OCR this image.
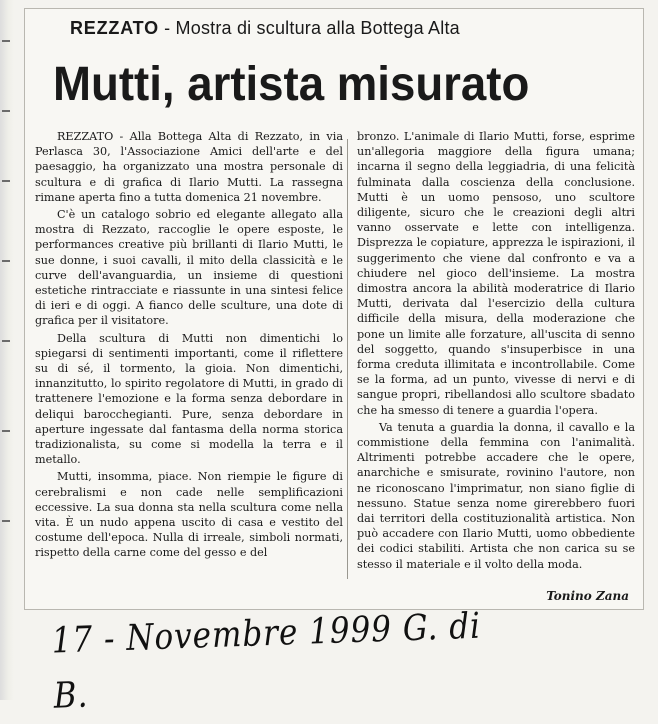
REZZATO - Mostra di scultura alla Bottega Alta
Mutti, artista misurato

REZZATO - Alla Bottega Alta di Rezzato, in via Perlasca 30, l'Associazione Amici dell'arte e del paesaggio, ha organizzato una mostra personale di scultura e di grafica di Ilario Mutti. La rassegna rimane aperta fino a tutta domenica 21 novembre.

C'è un catalogo sobrio ed elegante allegato alla mostra di Rezzato, raccoglie le opere esposte, le performances creative più brillanti di Ilario Mutti, le sue donne, i suoi cavalli, il mito della classicità e le curve dell'avanguardia, un insieme di questioni estetiche rintracciate e riassunte in una sintesi felice di ieri e di oggi. A fianco delle sculture, una dote di grafica per il visitatore.

Della scultura di Mutti non dimentichi lo spiegarsi di sentimenti importanti, come il riflettere su di sé, il tormento, la gioia. Non dimentichi, innanzitutto, lo spirito regolatore di Mutti, in grado di trattenere l'emozione e la forma senza debordare in deliqui barocchegianti. Pure, senza debordare in aperture ingessate dal fantasma della norma storica tradizionalista, su come si modella la terra e il metallo.

Mutti, insomma, piace. Non riempie le figure di cerebralismi e non cade nelle semplificazioni eccessive. La sua donna sta nella scultura come nella vita. È un nudo appena uscito di casa e vestito del costume dell'epoca. Nulla di irreale, simboli normati, rispetto della carne come del gesso e del

bronzo. L'animale di Ilario Mutti, forse, esprime un'allegoria maggiore della figura umana; incarna il segno della leggiadria, di una felicità fulminata dalla coscienza della conclusione. Mutti è un uomo pensoso, uno scultore diligente, sicuro che le creazioni degli altri vanno osservate e lette con intelligenza. Disprezza le copiature, apprezza le ispirazioni, il suggerimento che viene dal confronto e va a chiudere nel gioco dell'insieme. La mostra dimostra ancora la abilità moderatrice di Ilario Mutti, derivata dal l'esercizio della cultura difficile della misura, della moderazione che pone un limite alle forzature, all'uscita di senno del soggetto, quando s'insuperbisce in una forma creduta illimitata e incontrollabile. Come se la forma, ad un punto, vivesse di nervi e di sangue propri, ribellandosi allo scultore sbadato che ha smesso di tenere a guardia l'opera.

Va tenuta a guardia la donna, il cavallo e la commistione della femmina con l'animalità. Altrimenti potrebbe accadere che le opere, anarchiche e smisurate, rovinino l'autore, non ne riconoscano l'imprimatur, non siano figlie di nessuno. Statue senza nome girerebbero fuori dai territori della costituzionalità artistica. Non può accadere con Ilario Mutti, uomo obbediente dei codici stabiliti. Artista che non carica su se stesso il materiale e il volto della moda.

Tonino Zana
17 - Novembre 1999 G. di B.
